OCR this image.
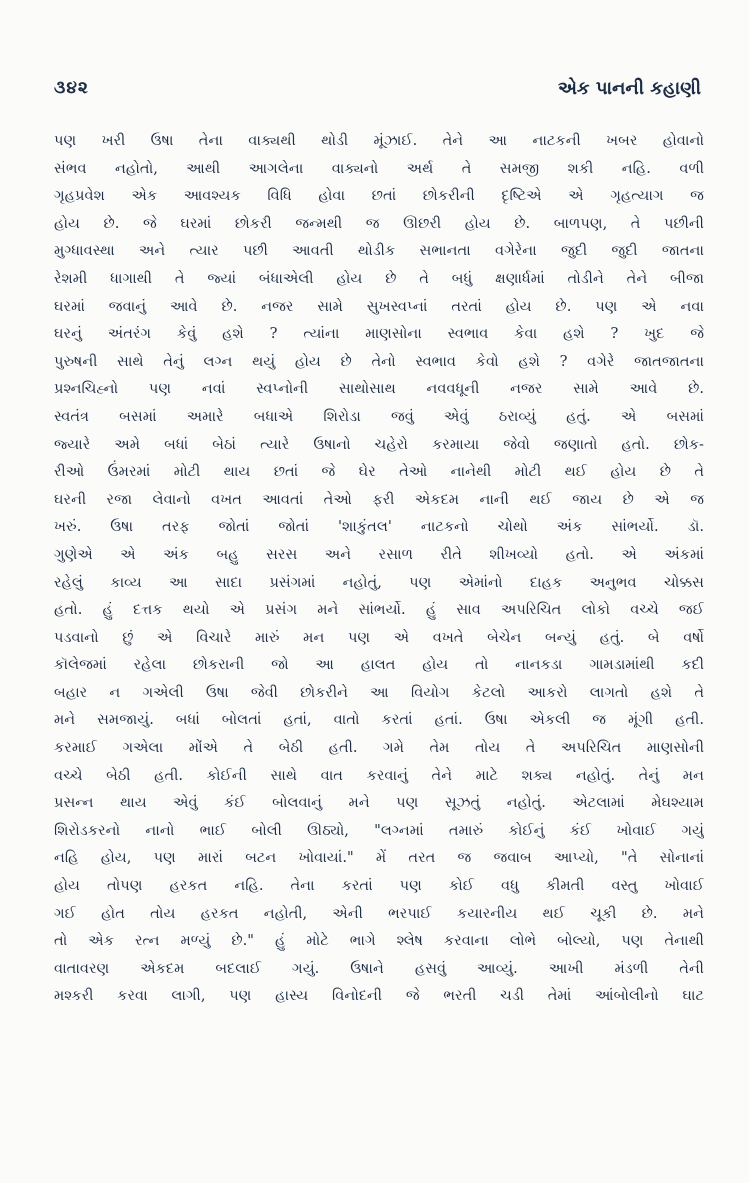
૩૪૨	એક પાનની કહાણી
પણ ખરી ઉષા તેના વાક્યથી થોડી મૂંઝાઈ. તેને આ નાટકની ખબર હોવાનો
સંભવ નહોતો, આથી આગલેના વાક્યનો અર્થ તે સમજી શકી નહિ. વળી
ગૃહપ્રવેશ એક આવશ્યક વિધિ હોવા છતાં છોકરીની દૃષ્ટિએ એ ગૃહત્યાગ જ
હોય છે. જે ઘરમાં છોકરી જન્મથી જ ઊછરી હોય છે. બાળપણ, તે પછીની
મુગ્ધાવસ્થા અને ત્યાર પછી આવતી થોડીક સભાનતા વગેરેના જુદી જુદી જાતના
રેશમી ધાગાથી તે જ્યાં બંધાએલી હોય છે તે બધું ક્ષણાર્ધમાં તોડીને તેને બીજા
ઘરમાં જવાનું આવે છે. નજર સામે સુખસ્વપ્નાં તરતાં હોય છે. પણ એ નવા
ઘરનું અંતરંગ કેવું હશે ? ત્યાંના માણસોના સ્વભાવ કેવા હશે ? ખુદ જે
પુરુષની સાથે તેનું લગ્ન થયું હોય છે તેનો સ્વભાવ કેવો હશે ? વગેરે જાતજાતના
પ્રશ્નચિહ્નો પણ નવાં સ્વપ્નોની સાથોસાથ નવવધૂની નજર સામે આવે છે.
સ્વતંત્ર બસમાં અમારે બધાએ શિરોડા જવું એવું ઠરાવ્યું હતું. એ બસમાં
જ્યારે અમે બધાં બેઠાં ત્યારે ઉષાનો ચહેરો કરમાયા જેવો જણાતો હતો. છોક-
રીઓ ઉંમરમાં મોટી થાય છતાં જે ઘેર તેઓ નાનેથી મોટી થઈ હોય છે તે
ઘરની રજા લેવાનો વખત આવતાં તેઓ ફરી એકદમ નાની થઈ જાય છે એ જ
ખરું. ઉષા તરફ જોતાં જોતાં 'શાકુંતલ' નાટકનો ચોથો અંક સાંભર્યો. ડૉ.
ગુણેએ એ અંક બહુ સરસ અને રસાળ રીતે શીખવ્યો હતો. એ અંકમાં
રહેલું કાવ્ય આ સાદા પ્રસંગમાં નહોતું, પણ એમાંનો દાહક અનુભવ ચોક્કસ
હતો. હું દત્તક થયો એ પ્રસંગ મને સાંભર્યો. હું સાવ અપરિચિત લોકો વચ્ચે જઈ
પડવાનો છું એ વિચારે મારું મન પણ એ વખતે બેચેન બન્યું હતું. બે વર્ષો
કૉલેજમાં રહેલા છોકરાની જો આ હાલત હોય તો નાનકડા ગામડામાંથી કદી
બહાર ન ગએલી ઉષા જેવી છોકરીને આ વિયોગ કેટલો આકરો લાગતો હશે તે
મને સમજાયું. બધાં બોલતાં હતાં, વાતો કરતાં હતાં. ઉષા એકલી જ મૂંગી હતી.
કરમાઈ ગએલા મોંએ તે બેઠી હતી. ગમે તેમ તોય તે અપરિચિત માણસોની
વચ્ચે બેઠી હતી. કોઈની સાથે વાત કરવાનું તેને માટે શક્ય નહોતું. તેનું મન
પ્રસન્ન થાય એવું કંઈ બોલવાનું મને પણ સૂઝતું નહોતું. એટલામાં મેઘશ્યામ
શિરોડકરનો નાનો ભાઈ બોલી ઊઠ્યો, "લગ્નમાં તમારું કોઈનું કંઈ ખોવાઈ ગયું
નહિ હોય, પણ મારાં બટન ખોવાયાં." મેં તરત જ જવાબ આપ્યો, "તે સોનાનાં
હોય તોપણ હરકત નહિ. તેના કરતાં પણ કોઈ વધુ કીમતી વસ્તુ ખોવાઈ
ગઈ હોત તોય હરકત નહોતી, એની ભરપાઈ કયારનીય થઈ ચૂકી છે. મને
તો એક રત્ન મળ્યું છે." હું મોટે ભાગે શ્લેષ કરવાના લોભે બોલ્યો, પણ તેનાથી
વાતાવરણ એકદમ બદલાઈ ગયું. ઉષાને હસવું આવ્યું. આખી મંડળી તેની
મશ્કરી કરવા લાગી, પણ હાસ્ય વિનોદની જે ભરતી ચડી તેમાં આંબોલીનો ઘાટ
